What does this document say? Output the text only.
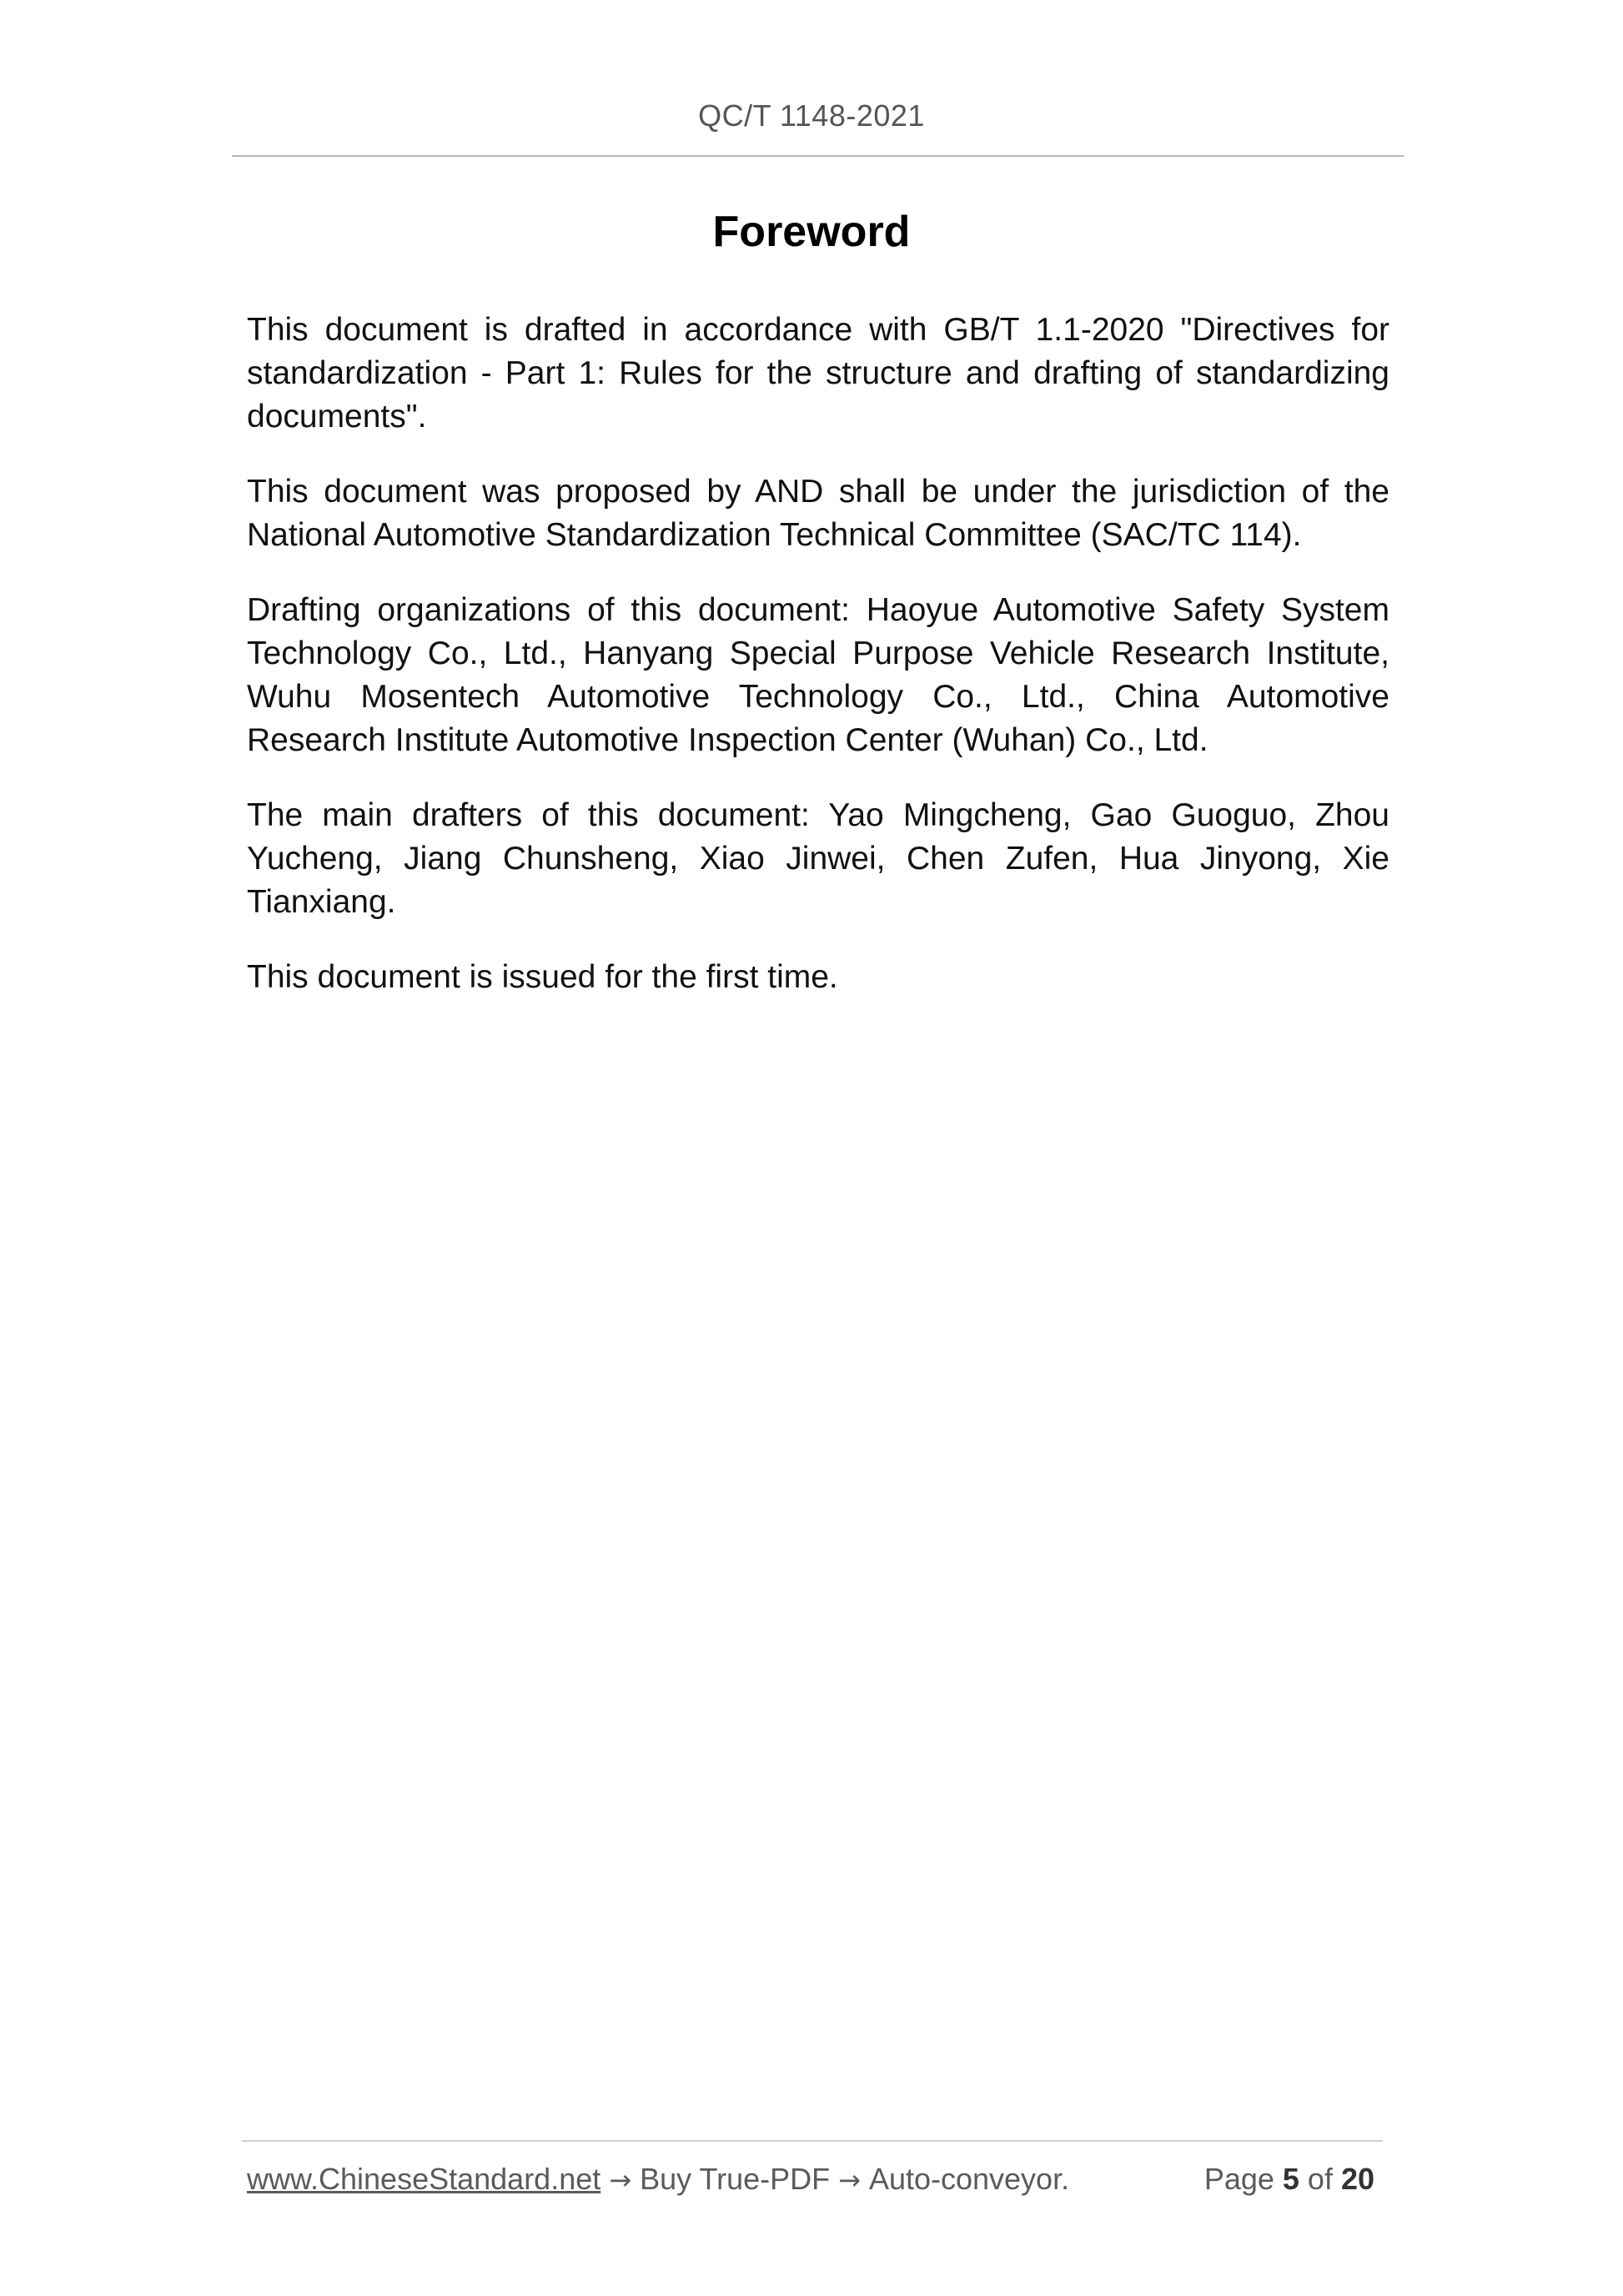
QC/T 1148-2021
Foreword

This document is drafted in accordance with GB/T 1.1-2020 "Directives for standardization - Part 1: Rules for the structure and drafting of standardizing documents".

This document was proposed by AND shall be under the jurisdiction of the National Automotive Standardization Technical Committee (SAC/TC 114).

Drafting organizations of this document: Haoyue Automotive Safety System Technology Co., Ltd., Hanyang Special Purpose Vehicle Research Institute, Wuhu Mosentech Automotive Technology Co., Ltd., China Automotive Research Institute Automotive Inspection Center (Wuhan) Co., Ltd.

The main drafters of this document: Yao Mingcheng, Gao Guoguo, Zhou Yucheng, Jiang Chunsheng, Xiao Jinwei, Chen Zufen, Hua Jinyong, Xie Tianxiang.

This document is issued for the first time.

www.ChineseStandard.net → Buy True-PDF → Auto-conveyor.	Page 5 of 20
